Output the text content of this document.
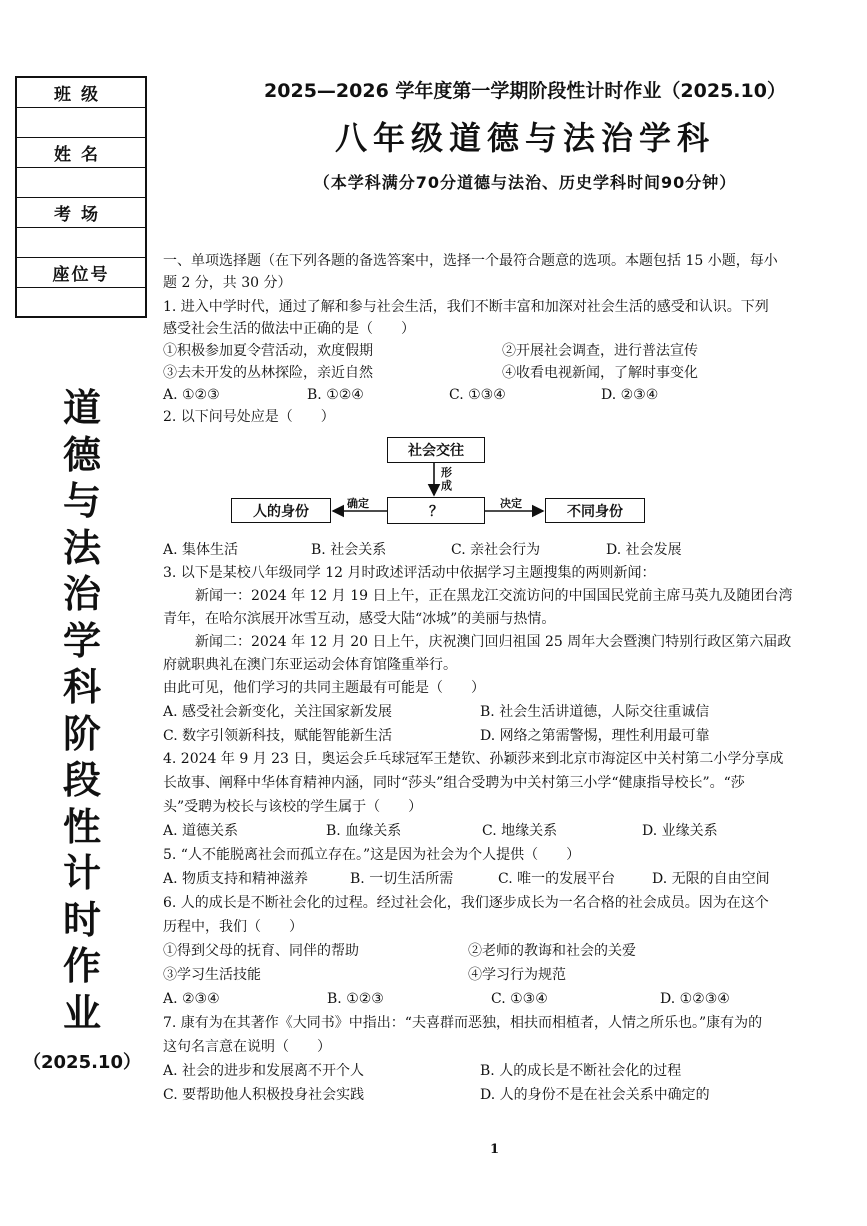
班级
姓名
考场
座位号
道
德
与
法
治
学
科
阶
段
性
计
时
作
业
（2025.10）
2025—2026 学年度第一学期阶段性计时作业（2025.10）
八年级道德与法治学科
（本学科满分70分道德与法治、历史学科时间90分钟）
一、单项选择题（在下列各题的备选答案中，选择一个最符合题意的选项。本题包括 15 小题，每小
题 2 分，共 30 分）
1. 进入中学时代，通过了解和参与社会生活，我们不断丰富和加深对社会生活的感受和认识。下列
感受社会生活的做法中正确的是（　　）
①积极参加夏令营活动，欢度假期	②开展社会调查，进行普法宣传
③去未开发的丛林探险，亲近自然	④收看电视新闻，了解时事变化
A. ①②③	B. ①②④	C. ①③④	D. ②③④
2. 以下问号处应是（　　）
社会交往
形成
？
人的身份	不同身份
确定	决定
A. 集体生活	B. 社会关系	C. 亲社会行为	D. 社会发展
3. 以下是某校八年级同学 12 月时政述评活动中依据学习主题搜集的两则新闻：
新闻一：2024 年 12 月 19 日上午，正在黑龙江交流访问的中国国民党前主席马英九及随团台湾
青年，在哈尔滨展开冰雪互动，感受大陆“冰城”的美丽与热情。
新闻二：2024 年 12 月 20 日上午，庆祝澳门回归祖国 25 周年大会暨澳门特别行政区第六届政
府就职典礼在澳门东亚运动会体育馆隆重举行。
由此可见，他们学习的共同主题最有可能是（　　）
A. 感受社会新变化，关注国家新发展	B. 社会生活讲道德，人际交往重诚信
C. 数字引领新科技，赋能智能新生活	D. 网络之第需警惕，理性利用最可靠
4. 2024 年 9 月 23 日，奥运会乒乓球冠军王楚钦、孙颖莎来到北京市海淀区中关村第二小学分享成
长故事、阐释中华体育精神内涵，同时“莎头”组合受聘为中关村第三小学“健康指导校长”。“莎
头”受聘为校长与该校的学生属于（　　）
A. 道德关系	B. 血缘关系	C. 地缘关系	D. 业缘关系
5. “人不能脱离社会而孤立存在。”这是因为社会为个人提供（　　）
A. 物质支持和精神滋养	B. 一切生活所需	C. 唯一的发展平台	D. 无限的自由空间
6. 人的成长是不断社会化的过程。经过社会化，我们逐步成长为一名合格的社会成员。因为在这个
历程中，我们（　　）
①得到父母的抚育、同伴的帮助	②老师的教诲和社会的关爱
③学习生活技能	④学习行为规范
A. ②③④	B. ①②③	C. ①③④	D. ①②③④
7. 康有为在其著作《大同书》中指出：“夫喜群而恶独，相扶而相植者，人情之所乐也。”康有为的
这句名言意在说明（　　）
A. 社会的进步和发展离不开个人	B. 人的成长是不断社会化的过程
C. 要帮助他人积极投身社会实践	D. 人的身份不是在社会关系中确定的
1
